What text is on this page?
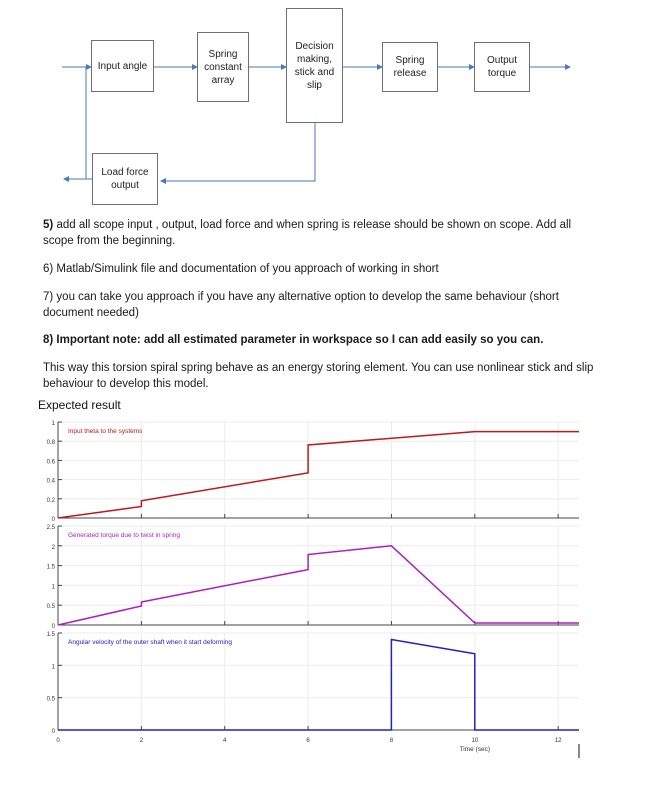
Input angle
Spring constant array
Decision making, stick and slip
Spring release
Output torque
Load force output
5) add all scope input , output, load force and when spring is release should be shown on scope. Add all scope from the beginning.
6) Matlab/Simulink file and documentation of you approach of working in short
7) you can take you approach if you have any alternative option to develop the same behaviour (short document needed)
8) Important note: add all estimated parameter in workspace so I can add easily so you can.
This way this torsion spiral spring behave as an energy storing element. You can use nonlinear stick and slip behaviour to develop this model.
Expected result
0
0.2
0.4
0.6
0.8
1
Input theta to the systems
0
0.5
1
1.5
2
2.5
Generated torque due to twist in spring
0
0.5
1
1.5
0	2	4	6	8	10	12
Time (sec)
Angular velocity of the outer shaft when it start deforming
